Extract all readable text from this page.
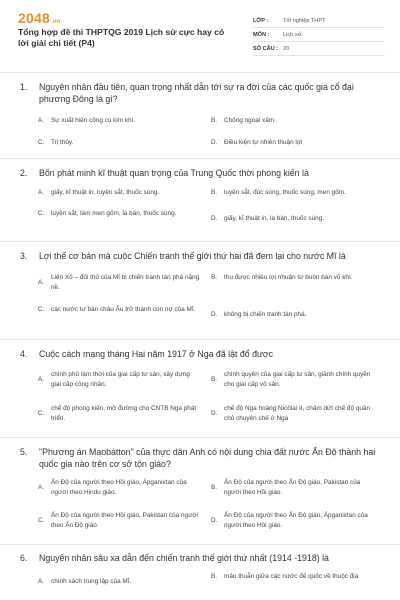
2048.vn
Tổng hợp đề thi THPTQG 2019 Lịch sử cực hay có lời giải chi tiết (P4)
LỚP :	Tốt nghiệp THPT
MÔN :	Lịch sử
SỐ CÂU : 20
1.	Nguyên nhân đầu tiên, quan trọng nhất dẫn tới sự ra đời của các quốc gia cổ đại phương Đông là gì?
A.	Sự xuất hiện công cụ kim khí.	B.	Chống ngoại xâm.
C.	Trị thủy.	D.	Điều kiện tự nhiên thuận lợi
2.	Bốn phát minh kĩ thuật quan trọng của Trung Quốc thời phong kiến là
A.	giấy, kĩ thuật in, luyện sắt, thuốc súng.	B.	luyện sắt, đúc súng, thuốc súng, men gốm.
C.	luyện sắt, làm men gốm, la bàn, thuốc súng.
D.	giấy, kĩ thuật in, la bàn, thuốc súng.
3.	Lợi thế cơ bản mà cuộc Chiến tranh thế giới thứ hai đã đem lại cho nước Mĩ là
A.
Liên Xô – đối thủ của Mĩ bị chiến tranh tàn phá nặng nề.
B.	thu được nhiều lợi nhuận từ buôn bán vũ khí.
C.	các nước tư bản châu Âu trở thành con nợ của Mĩ.
D.	không bị chiến tranh tàn phá.
4.	Cuộc cách mạng tháng Hai năm 1917 ở Nga đã lật đổ được
A.
chính phủ lâm thời của giai cấp tư sản, xây dựng giai cấp công nhân.
B.
chính quyền của giai cấp tư sản, giành chính quyền cho giai cấp vô sản.
C.
chế độ phong kiến, mở đường cho CNTB Nga phát triển.
D.
chế độ Nga hoàng Nicôlai II, chấm dứt chế độ quân chủ chuyên chế ở Nga
5.	"Phương án Maobátton" của thực dân Anh có nội dung chia đất nước Ấn Độ thành hai quốc gia nào trên cơ sở tôn giáo?
A.
Ấn Độ của người theo Hồi giáo, Ápganixtan của người theo Hindu giáo.
B.
Ấn Độ của người theo Ấn Độ giáo, Pakistan của người theo Hồi giáo.
C.
Ấn Độ của người theo Hồi giáo, Pakistan của người theo Ấn Độ giáo.
D.
Ấn Độ của người theo Ấn Độ giáo, Ápganixtan của người theo Hồi giáo.
6.	Nguyên nhân sâu xa dẫn đến chiến tranh thế giới thứ nhất (1914 -1918) là
A.	chính sách trung lập của Mĩ.
B.	mâu thuẫn giữa các nước đế quốc về thuộc địa
